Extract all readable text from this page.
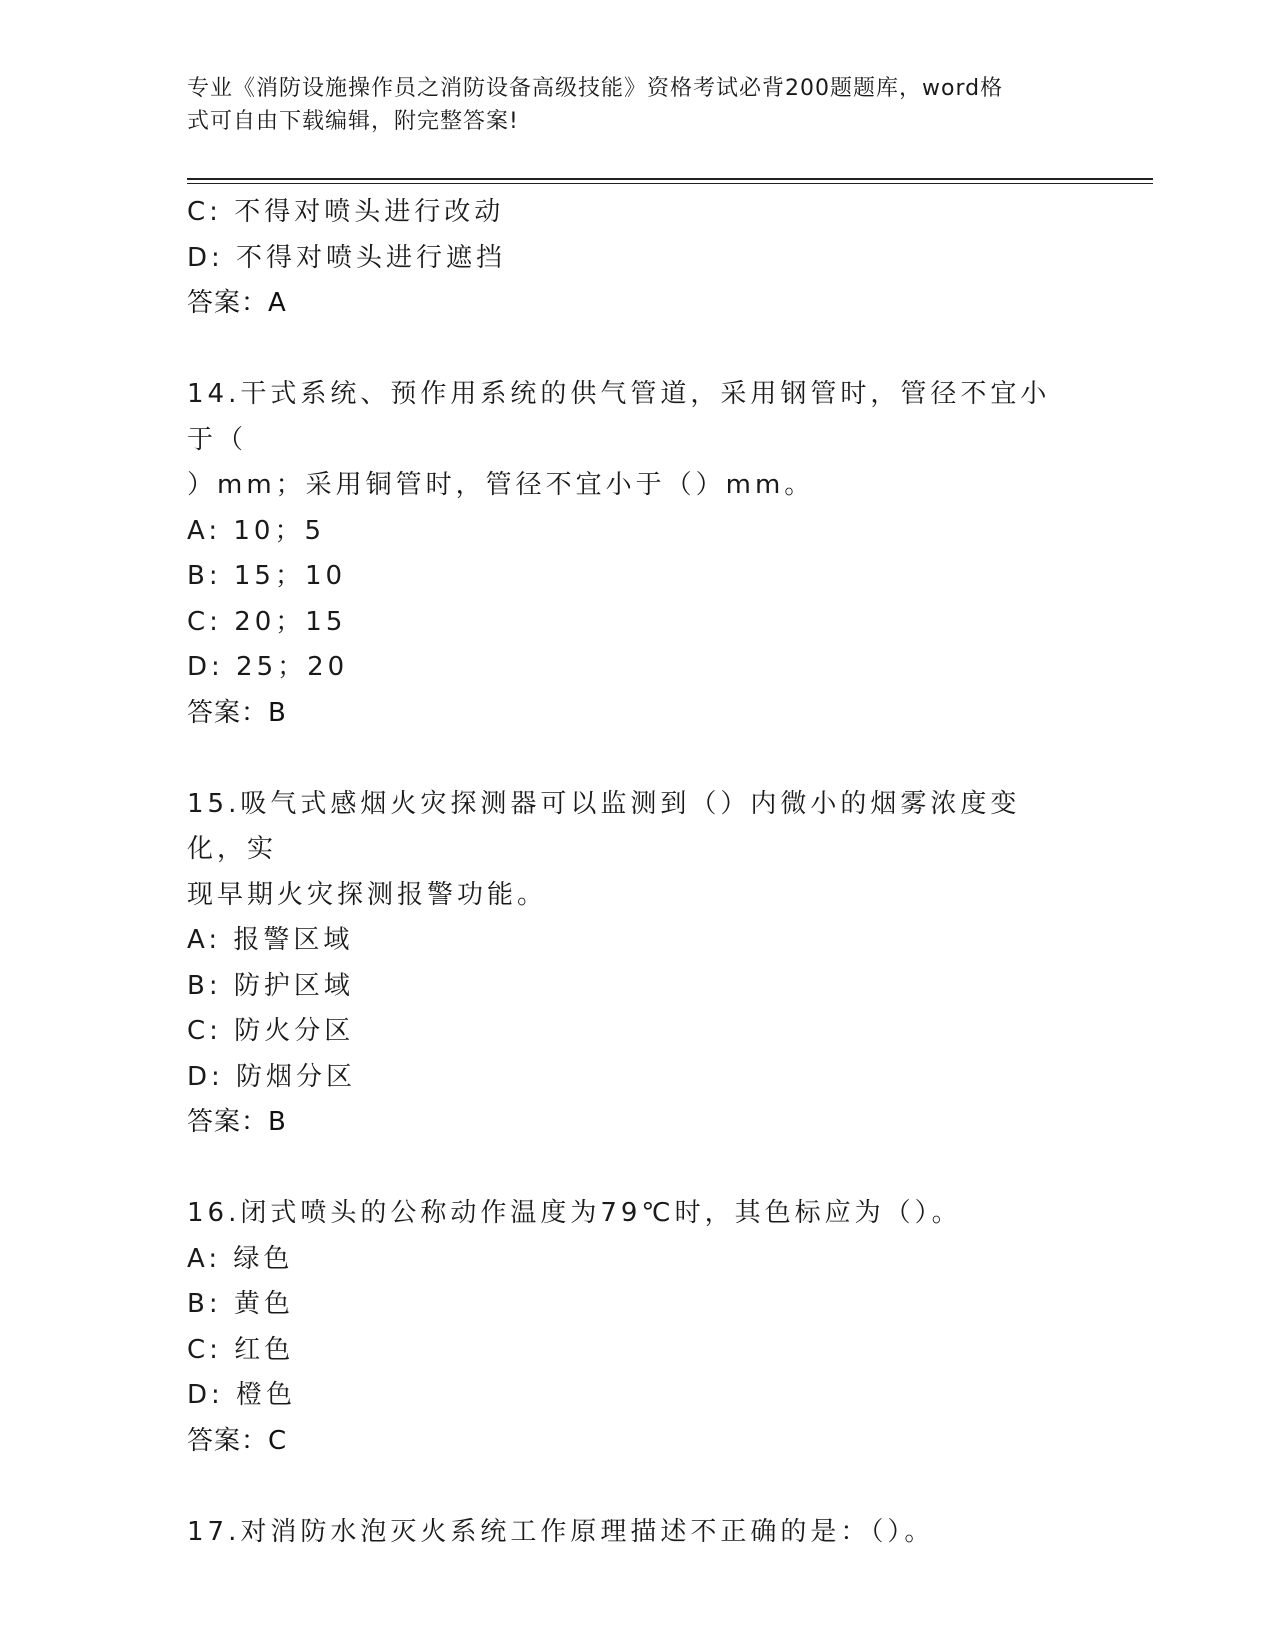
专业《消防设施操作员之消防设备高级技能》资格考试必背200题题库，word格
式可自由下载编辑，附完整答案!
C: 不得对喷头进行改动
D: 不得对喷头进行遮挡
答案：A
14.干式系统、预作用系统的供气管道，采用钢管时，管径不宜小于（
）mm；采用铜管时，管径不宜小于（）mm。
A: 10；5
B: 15；10
C: 20；15
D: 25；20
答案：B
15.吸气式感烟火灾探测器可以监测到（）内微小的烟雾浓度变化，实
现早期火灾探测报警功能。
A: 报警区域
B: 防护区域
C: 防火分区
D: 防烟分区
答案：B
16.闭式喷头的公称动作温度为79℃时，其色标应为（）。
A: 绿色
B: 黄色
C: 红色
D: 橙色
答案：C
17.对消防水泡灭火系统工作原理描述不正确的是：（）。
